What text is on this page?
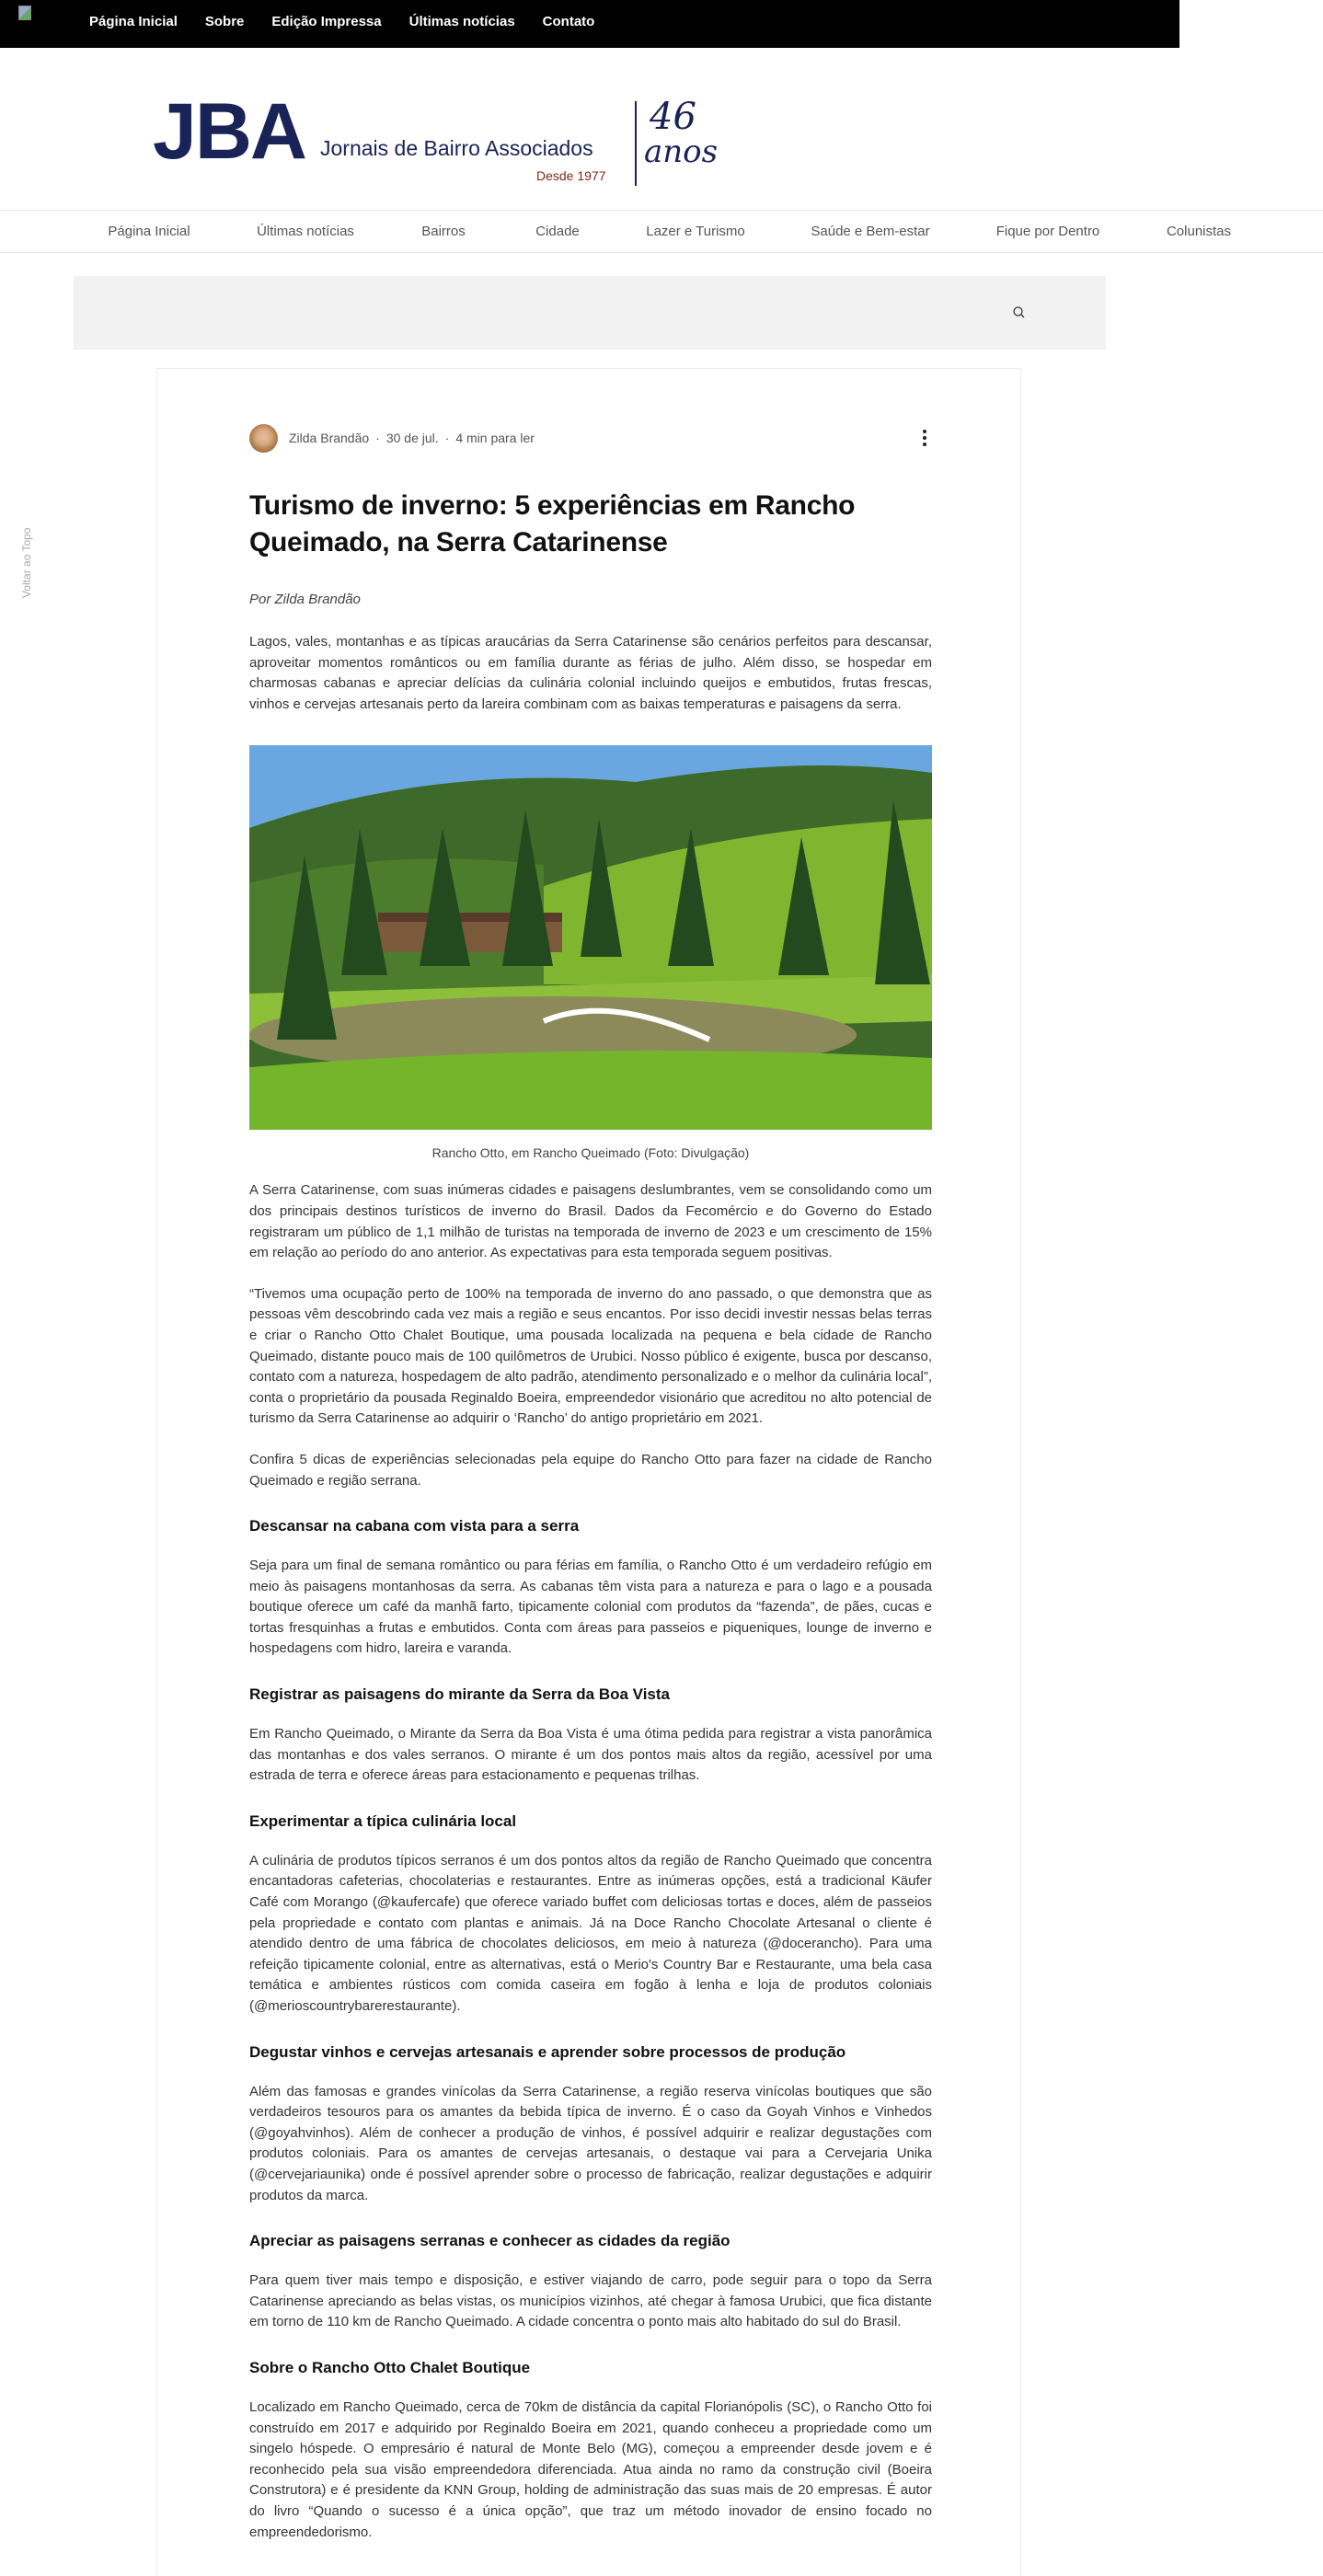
Página Inicial Sobre Edição Impressa Últimas notícias Contato
JBA Jornais de Bairro Associados
Desde 1977
46
anos
Página Inicial	Últimas notícias	Bairros	Cidade	Lazer e Turismo	Saúde e Bem-estar	Fique por Dentro	Colunistas
Voltar ao Topo
Zilda Brandão · 30 de jul. · 4 min para ler
Turismo de inverno: 5 experiências em Rancho Queimado, na Serra Catarinense
Por Zilda Brandão

Lagos, vales, montanhas e as típicas araucárias da Serra Catarinense são cenários perfeitos para descansar, aproveitar momentos românticos ou em família durante as férias de julho. Além disso, se hospedar em charmosas cabanas e apreciar delícias da culinária colonial incluindo queijos e embutidos, frutas frescas, vinhos e cervejas artesanais perto da lareira combinam com as baixas temperaturas e paisagens da serra.

Rancho Otto, em Rancho Queimado (Foto: Divulgação)

A Serra Catarinense, com suas inúmeras cidades e paisagens deslumbrantes, vem se consolidando como um dos principais destinos turísticos de inverno do Brasil. Dados da Fecomércio e do Governo do Estado registraram um público de 1,1 milhão de turistas na temporada de inverno de 2023 e um crescimento de 15% em relação ao período do ano anterior. As expectativas para esta temporada seguem positivas.

“Tivemos uma ocupação perto de 100% na temporada de inverno do ano passado, o que demonstra que as pessoas vêm descobrindo cada vez mais a região e seus encantos. Por isso decidi investir nessas belas terras e criar o Rancho Otto Chalet Boutique, uma pousada localizada na pequena e bela cidade de Rancho Queimado, distante pouco mais de 100 quilômetros de Urubici. Nosso público é exigente, busca por descanso, contato com a natureza, hospedagem de alto padrão, atendimento personalizado e o melhor da culinária local”, conta o proprietário da pousada Reginaldo Boeira, empreendedor visionário que acreditou no alto potencial de turismo da Serra Catarinense ao adquirir o ‘Rancho’ do antigo proprietário em 2021.

Confira 5 dicas de experiências selecionadas pela equipe do Rancho Otto para fazer na cidade de Rancho Queimado e região serrana.

Descansar na cabana com vista para a serra

Seja para um final de semana romântico ou para férias em família, o Rancho Otto é um verdadeiro refúgio em meio às paisagens montanhosas da serra. As cabanas têm vista para a natureza e para o lago e a pousada boutique oferece um café da manhã farto, tipicamente colonial com produtos da “fazenda”, de pães, cucas e tortas fresquinhas a frutas e embutidos. Conta com áreas para passeios e piqueniques, lounge de inverno e hospedagens com hidro, lareira e varanda.

Registrar as paisagens do mirante da Serra da Boa Vista

Em Rancho Queimado, o Mirante da Serra da Boa Vista é uma ótima pedida para registrar a vista panorâmica das montanhas e dos vales serranos. O mirante é um dos pontos mais altos da região, acessível por uma estrada de terra e oferece áreas para estacionamento e pequenas trilhas.

Experimentar a típica culinária local

A culinária de produtos típicos serranos é um dos pontos altos da região de Rancho Queimado que concentra encantadoras cafeterias, chocolaterias e restaurantes. Entre as inúmeras opções, está a tradicional Käufer Café com Morango (@kaufercafe) que oferece variado buffet com deliciosas tortas e doces, além de passeios pela propriedade e contato com plantas e animais. Já na Doce Rancho Chocolate Artesanal o cliente é atendido dentro de uma fábrica de chocolates deliciosos, em meio à natureza (@docerancho). Para uma refeição tipicamente colonial, entre as alternativas, está o Merio's Country Bar e Restaurante, uma bela casa temática e ambientes rústicos com comida caseira em fogão à lenha e loja de produtos coloniais (@merioscountrybarerestaurante).

Degustar vinhos e cervejas artesanais e aprender sobre processos de produção

Além das famosas e grandes vinícolas da Serra Catarinense, a região reserva vinícolas boutiques que são verdadeiros tesouros para os amantes da bebida típica de inverno. É o caso da Goyah Vinhos e Vinhedos (@goyahvinhos). Além de conhecer a produção de vinhos, é possível adquirir e realizar degustações com produtos coloniais. Para os amantes de cervejas artesanais, o destaque vai para a Cervejaria Unika (@cervejariaunika) onde é possível aprender sobre o processo de fabricação, realizar degustações e adquirir produtos da marca.

Apreciar as paisagens serranas e conhecer as cidades da região

Para quem tiver mais tempo e disposição, e estiver viajando de carro, pode seguir para o topo da Serra Catarinense apreciando as belas vistas, os municípios vizinhos, até chegar à famosa Urubici, que fica distante em torno de 110 km de Rancho Queimado. A cidade concentra o ponto mais alto habitado do sul do Brasil.

Sobre o Rancho Otto Chalet Boutique

Localizado em Rancho Queimado, cerca de 70km de distância da capital Florianópolis (SC), o Rancho Otto foi construído em 2017 e adquirido por Reginaldo Boeira em 2021, quando conheceu a propriedade como um singelo hóspede. O empresário é natural de Monte Belo (MG), começou a empreender desde jovem e é reconhecido pela sua visão empreendedora diferenciada. Atua ainda no ramo da construção civil (Boeira Construtora) e é presidente da KNN Group, holding de administração das suas mais de 20 empresas. É autor do livro “Quando o sucesso é a única opção”, que traz um método inovador de ensino focado no empreendedorismo.
